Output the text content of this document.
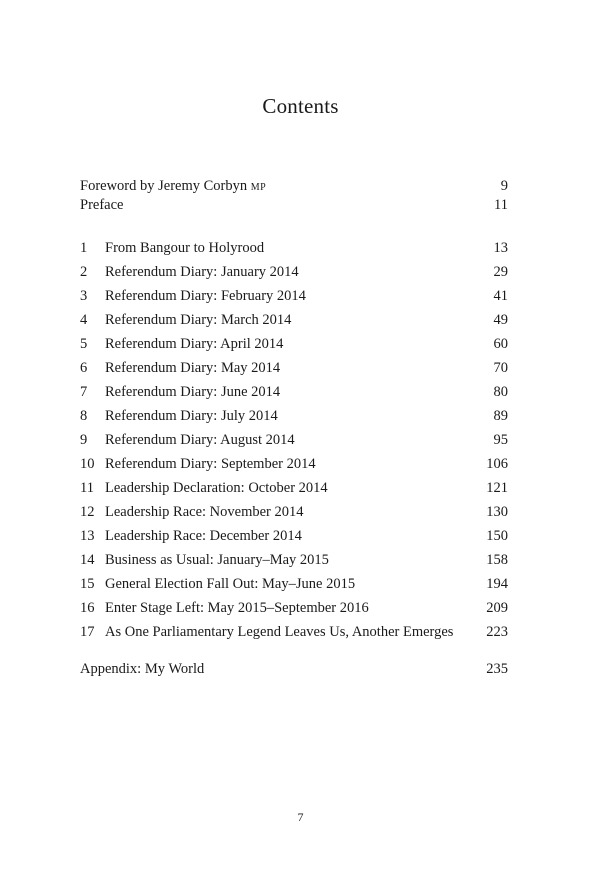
Contents
Foreword by Jeremy Corbyn MP	9
Preface	11
1 From Bangour to Holyrood	13
2 Referendum Diary: January 2014	29
3 Referendum Diary: February 2014	41
4 Referendum Diary: March 2014	49
5 Referendum Diary: April 2014	60
6 Referendum Diary: May 2014	70
7 Referendum Diary: June 2014	80
8 Referendum Diary: July 2014	89
9 Referendum Diary: August 2014	95
10 Referendum Diary: September 2014	106
11 Leadership Declaration: October 2014	121
12 Leadership Race: November 2014	130
13 Leadership Race: December 2014	150
14 Business as Usual: January–May 2015	158
15 General Election Fall Out: May–June 2015	194
16 Enter Stage Left: May 2015–September 2016	209
17 As One Parliamentary Legend Leaves Us, Another Emerges 223
Appendix: My World	235
7
